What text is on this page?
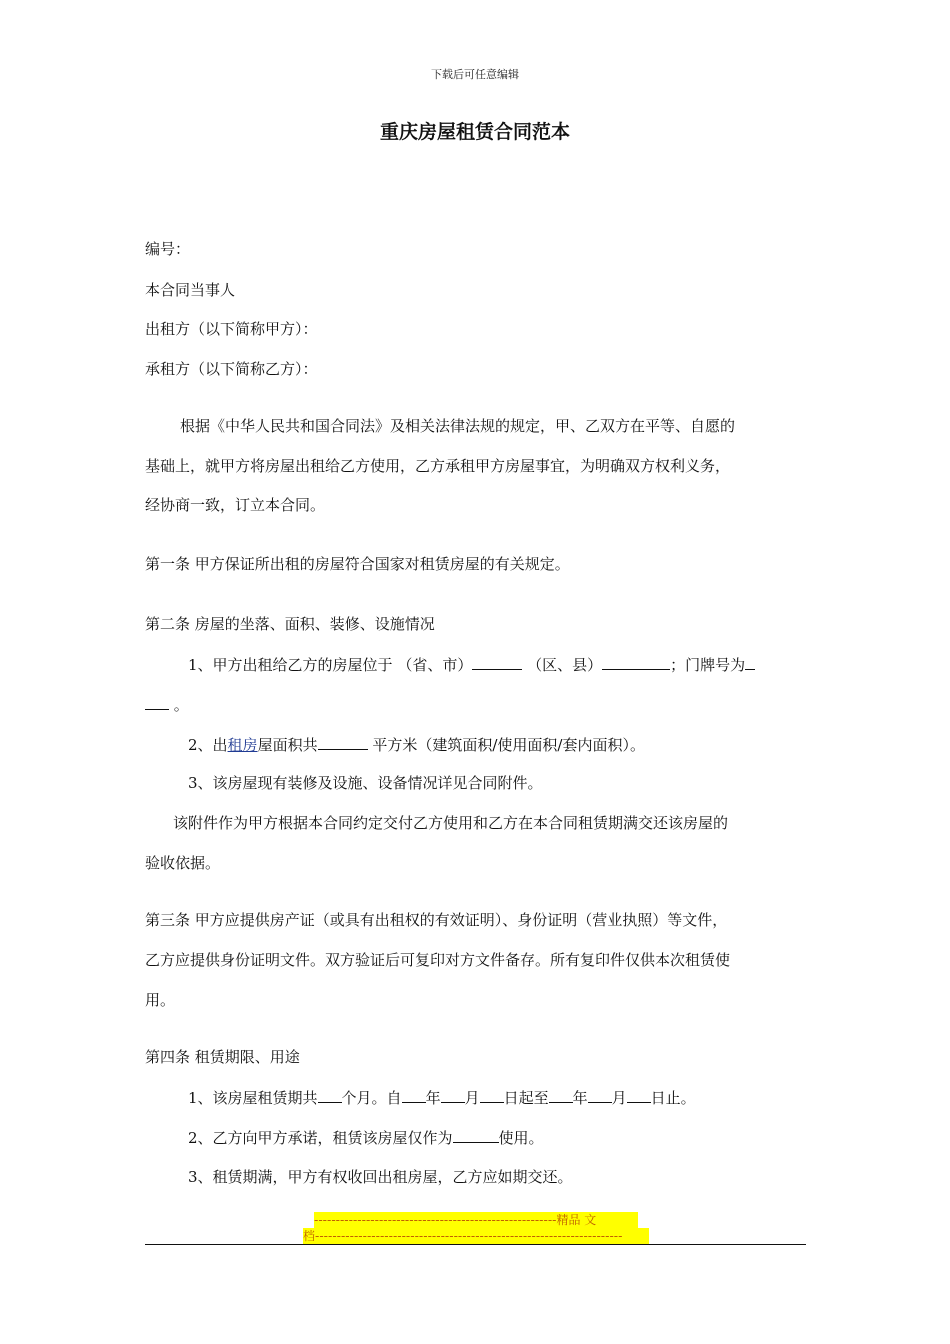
下载后可任意编辑
重庆房屋租赁合同范本
编号：
本合同当事人
出租方（以下简称甲方）：
承租方（以下简称乙方）：
根据《中华人民共和国合同法》及相关法律法规的规定，甲、乙双方在平等、自愿的
基础上，就甲方将房屋出租给乙方使用，乙方承租甲方房屋事宜，为明确双方权利义务，
经协商一致，订立本合同。
第一条 甲方保证所出租的房屋符合国家对租赁房屋的有关规定。
第二条 房屋的坐落、面积、装修、设施情况
1、甲方出租给乙方的房屋位于 （省、市）	（区、县）	；门牌号为
。
2、出租房屋面积共	平方米（建筑面积/使用面积/套内面积）。
3、该房屋现有装修及设施、设备情况详见合同附件。
该附件作为甲方根据本合同约定交付乙方使用和乙方在本合同租赁期满交还该房屋的
验收依据。
第三条 甲方应提供房产证（或具有出租权的有效证明）、身份证明（营业执照）等文件，
乙方应提供身份证明文件。双方验证后可复印对方文件备存。所有复印件仅供本次租赁使
用。
第四条 租赁期限、用途
1、该房屋租赁期共 个月。自 年 月 日起至 年 月 日止。
2、乙方向甲方承诺，租赁该房屋仅作为	使用。
3、租赁期满，甲方有权收回出租房屋，乙方应如期交还。
--------------------------------------------------------精品 文
档-----------------------------------------------------------------------
